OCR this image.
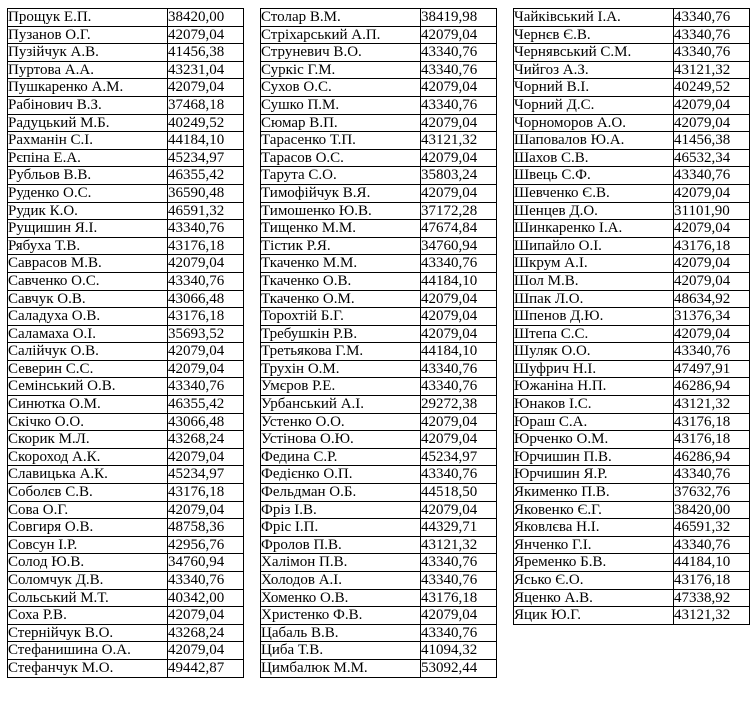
Прощук Е.П.	38420,00
Пузанов О.Г.	42079,04
Пузійчук А.В.	41456,38
Пуртова А.А.	43231,04
Пушкаренко А.М.	42079,04
Рабінович В.З.	37468,18
Радуцький М.Б.	40249,52
Рахманін С.І.	44184,10
Рєпіна Е.А.	45234,97
Рубльов В.В.	46355,42
Руденко О.С.	36590,48
Рудик К.О.	46591,32
Рущишин Я.І.	43340,76
Рябуха Т.В.	43176,18
Саврасов М.В.	42079,04
Савченко О.С.	43340,76
Савчук О.В.	43066,48
Саладуха О.В.	43176,18
Саламаха О.І.	35693,52
Салійчук О.В.	42079,04
Северин С.С.	42079,04
Семінський О.В.	43340,76
Синютка О.М.	46355,42
Скічко О.О.	43066,48
Скорик М.Л.	43268,24
Скороход А.К.	42079,04
Славицька А.К.	45234,97
Соболєв С.В.	43176,18
Сова О.Г.	42079,04
Совгиря О.В.	48758,36
Совсун І.Р.	42956,76
Солод Ю.В.	34760,94
Соломчук Д.В.	43340,76
Сольський М.Т.	40342,00
Соха Р.В.	42079,04
Стернійчук В.О.	43268,24
Стефанишина О.А.	42079,04
Стефанчук М.О.	49442,87
Столар В.М.	38419,98
Стріхарський А.П.	42079,04
Струневич В.О.	43340,76
Суркіс Г.М.	43340,76
Сухов О.С.	42079,04
Сушко П.М.	43340,76
Сюмар В.П.	42079,04
Тарасенко Т.П.	43121,32
Тарасов О.С.	42079,04
Тарута С.О.	35803,24
Тимофійчук В.Я.	42079,04
Тимошенко Ю.В.	37172,28
Тищенко М.М.	47674,84
Тістик Р.Я.	34760,94
Ткаченко М.М.	43340,76
Ткаченко О.В.	44184,10
Ткаченко О.М.	42079,04
Торохтій Б.Г.	42079,04
Требушкін Р.В.	42079,04
Третьякова Г.М.	44184,10
Трухін О.М.	43340,76
Умєров Р.Е.	43340,76
Урбанський А.І.	29272,38
Устенко О.О.	42079,04
Устінова О.Ю.	42079,04
Федина С.Р.	45234,97
Федієнко О.П.	43340,76
Фельдман О.Б.	44518,50
Фріз І.В.	42079,04
Фріс І.П.	44329,71
Фролов П.В.	43121,32
Халімон П.В.	43340,76
Холодов А.І.	43340,76
Хоменко О.В.	43176,18
Христенко Ф.В.	42079,04
Цабаль В.В.	43340,76
Циба Т.В.	41094,32
Цимбалюк М.М.	53092,44
Чайківський І.А.	43340,76
Чернєв Є.В.	43340,76
Чернявський С.М.	43340,76
Чийгоз А.З.	43121,32
Чорний В.І.	40249,52
Чорний Д.С.	42079,04
Чорноморов А.О.	42079,04
Шаповалов Ю.А.	41456,38
Шахов С.В.	46532,34
Швець С.Ф.	43340,76
Шевченко Є.В.	42079,04
Шенцев Д.О.	31101,90
Шинкаренко І.А.	42079,04
Шипайло О.І.	43176,18
Шкрум А.І.	42079,04
Шол М.В.	42079,04
Шпак Л.О.	48634,92
Шпенов Д.Ю.	31376,34
Штепа С.С.	42079,04
Шуляк О.О.	43340,76
Шуфрич Н.І.	47497,91
Южаніна Н.П.	46286,94
Юнаков І.С.	43121,32
Юраш С.А.	43176,18
Юрченко О.М.	43176,18
Юрчишин П.В.	46286,94
Юрчишин Я.Р.	43340,76
Якименко П.В.	37632,76
Яковенко Є.Г.	38420,00
Яковлєва Н.І.	46591,32
Янченко Г.І.	43340,76
Яременко Б.В.	44184,10
Ясько Є.О.	43176,18
Яценко А.В.	47338,92
Яцик Ю.Г.	43121,32
